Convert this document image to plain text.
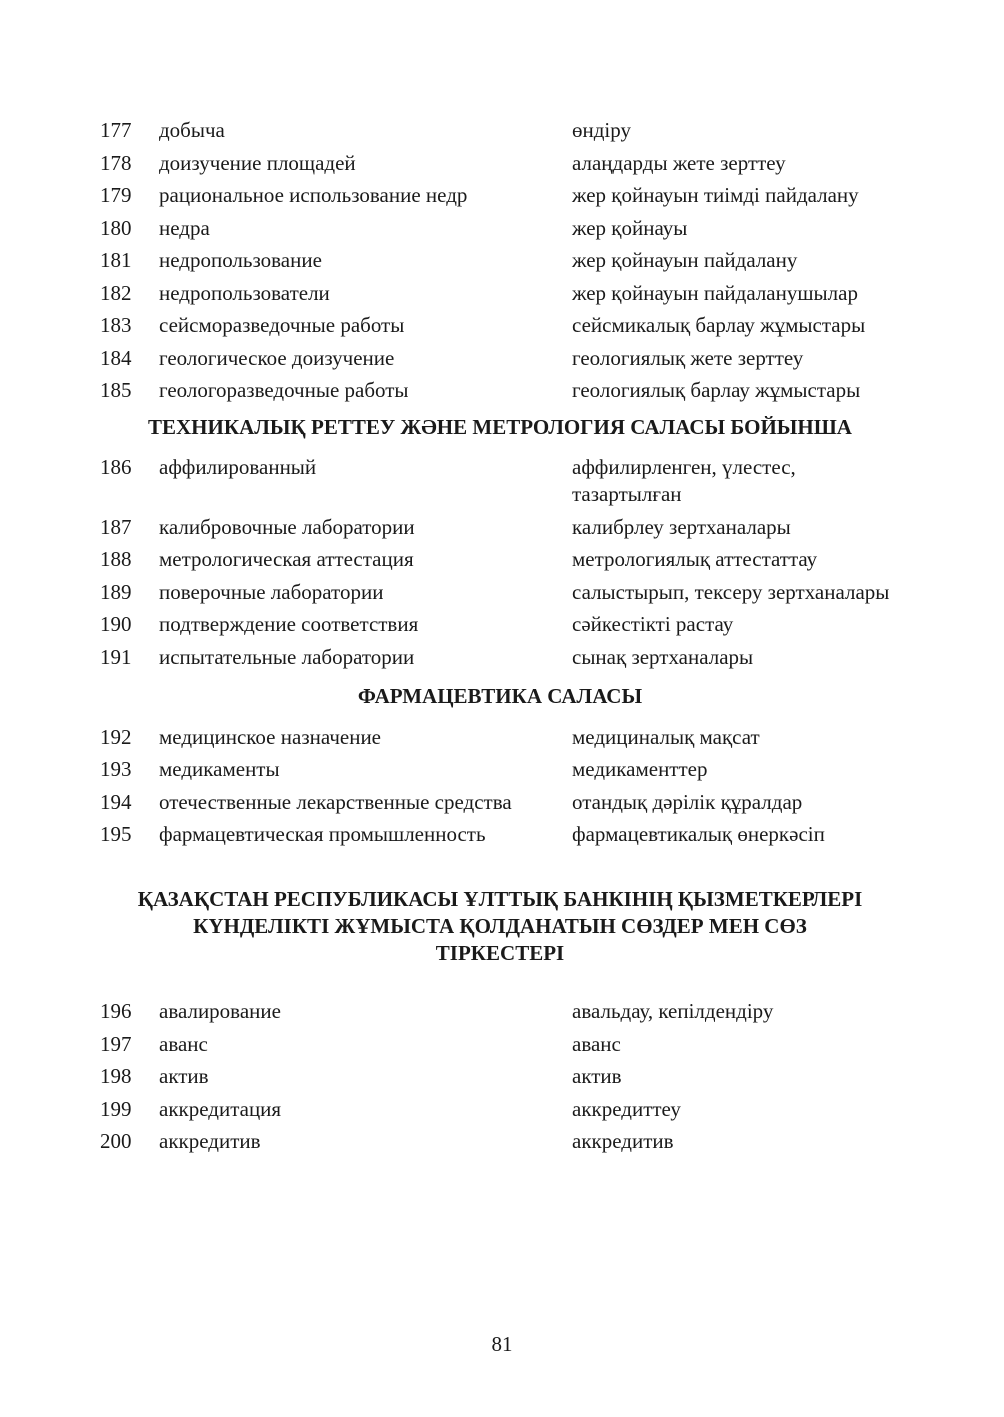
177	добыча	өндіру
178	доизучение площадей	алаңдарды жете зерттеу
179	рациональное использование недр	жер қойнауын тиімді пайдалану
180	недра	жер қойнауы
181	недропользование	жер қойнауын пайдалану
182	недропользователи	жер қойнауын пайдаланушылар
183	сейсморазведочные работы	сейсмикалық барлау жұмыстары
184	геологическое доизучение	геологиялық жете зерттеу
185	геологоразведочные работы	геологиялық барлау жұмыстары
ТЕХНИКАЛЫҚ РЕТТЕУ ЖӘНЕ МЕТРОЛОГИЯ САЛАСЫ БОЙЫНША
186	аффилированный	аффилирленген, үлестес, тазартылған
187	калибровочные лаборатории	калибрлеу зертханалары
188	метрологическая аттестация	метрологиялық аттестаттау
189	поверочные лаборатории	салыстырып, тексеру зертханалары
190	подтверждение соответствия	сәйкестікті растау
191	испытательные лаборатории	сынақ зертханалары
ФАРМАЦЕВТИКА САЛАСЫ
192	медицинское назначение	медициналық мақсат
193	медикаменты	медикаменттер
194	отечественные лекарственные средства	отандық дәрілік құралдар
195	фармацевтическая промышленность	фармацевтикалық өнеркәсіп
ҚАЗАҚСТАН РЕСПУБЛИКАСЫ ҰЛТТЫҚ БАНКІНІҢ ҚЫЗМЕТКЕРЛЕРІ
КҮНДЕЛІКТІ ЖҰМЫСТА ҚОЛДАНАТЫН СӨЗДЕР МЕН СӨЗ
ТІРКЕСТЕРІ
196	авалирование	авальдау, кепілдендіру
197	аванс	аванс
198	актив	актив
199	аккредитация	аккредиттеу
200	аккредитив	аккредитив
81
